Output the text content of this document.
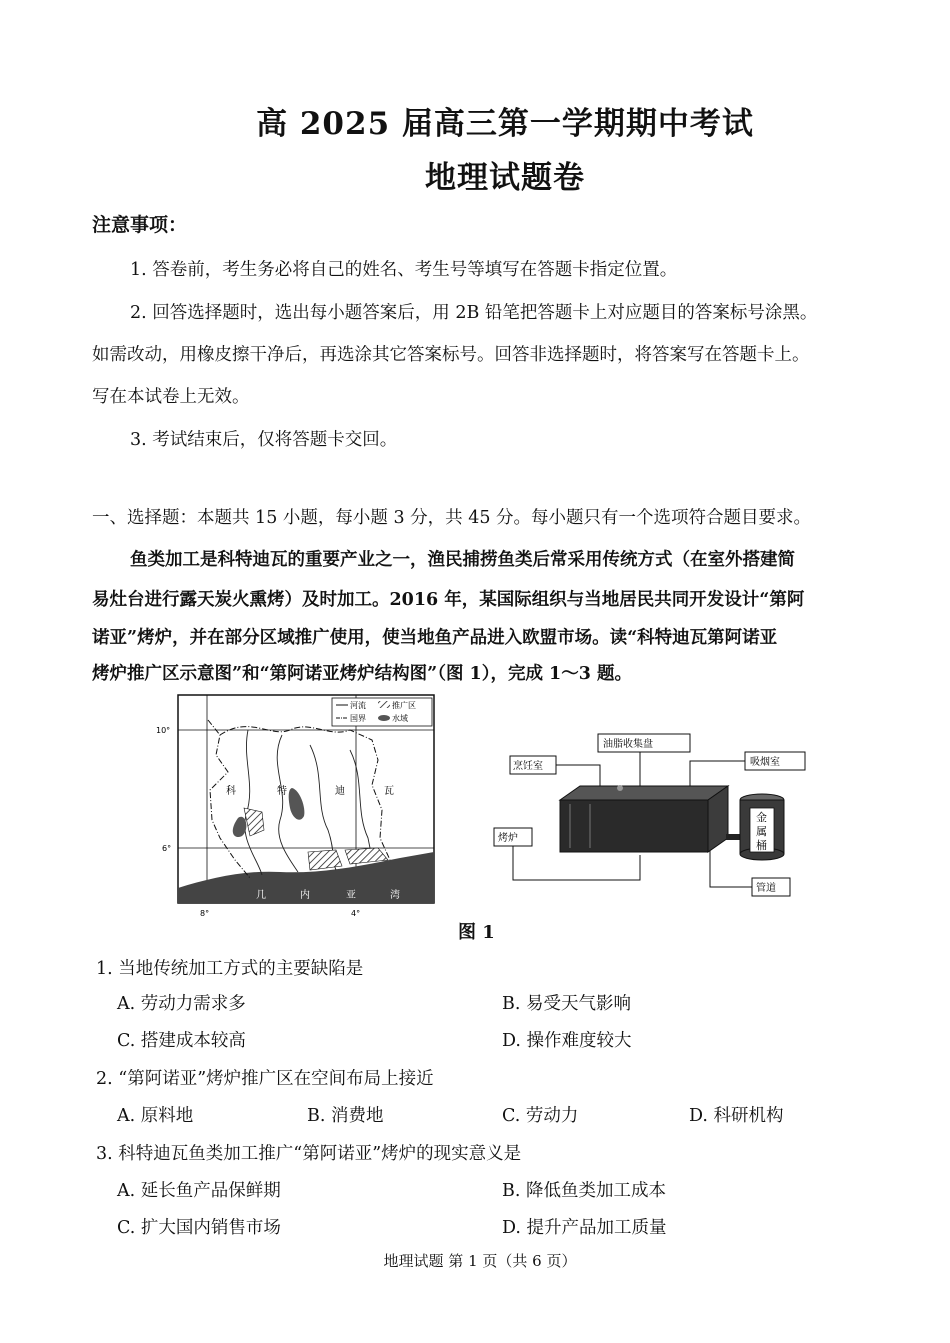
高 2025 届高三第一学期期中考试
地理试题卷
注意事项：
1. 答卷前，考生务必将自己的姓名、考生号等填写在答题卡指定位置。
2. 回答选择题时，选出每小题答案后，用 2B 铅笔把答题卡上对应题目的答案标号涂黑。
如需改动，用橡皮擦干净后，再选涂其它答案标号。回答非选择题时，将答案写在答题卡上。
写在本试卷上无效。
3. 考试结束后，仅将答题卡交回。
一、选择题：本题共 15 小题，每小题 3 分，共 45 分。每小题只有一个选项符合题目要求。
鱼类加工是科特迪瓦的重要产业之一，渔民捕捞鱼类后常采用传统方式（在室外搭建简
易灶台进行露天炭火熏烤）及时加工。2016 年，某国际组织与当地居民共同开发设计“第阿
诺亚”烤炉，并在部分区域推广使用，使当地鱼产品进入欧盟市场。读“科特迪瓦第阿诺亚
烤炉推广区示意图”和“第阿诺亚烤炉结构图”（图 1），完成 1～3 题。
河流	推广区
国界	水域
科	特	迪	瓦
几	内	亚	湾
10°
6°
8°	4°
油脂收集盘
烹饪室	吸烟室
烤炉
管道
金
属
桶
图 1
1. 当地传统加工方式的主要缺陷是
A. 劳动力需求多	B. 易受天气影响
C. 搭建成本较高	D. 操作难度较大
2. “第阿诺亚”烤炉推广区在空间布局上接近
A. 原料地	B. 消费地	C. 劳动力	D. 科研机构
3. 科特迪瓦鱼类加工推广“第阿诺亚”烤炉的现实意义是
A. 延长鱼产品保鲜期	B. 降低鱼类加工成本
C. 扩大国内销售市场	D. 提升产品加工质量
地理试题 第 1 页（共 6 页）
